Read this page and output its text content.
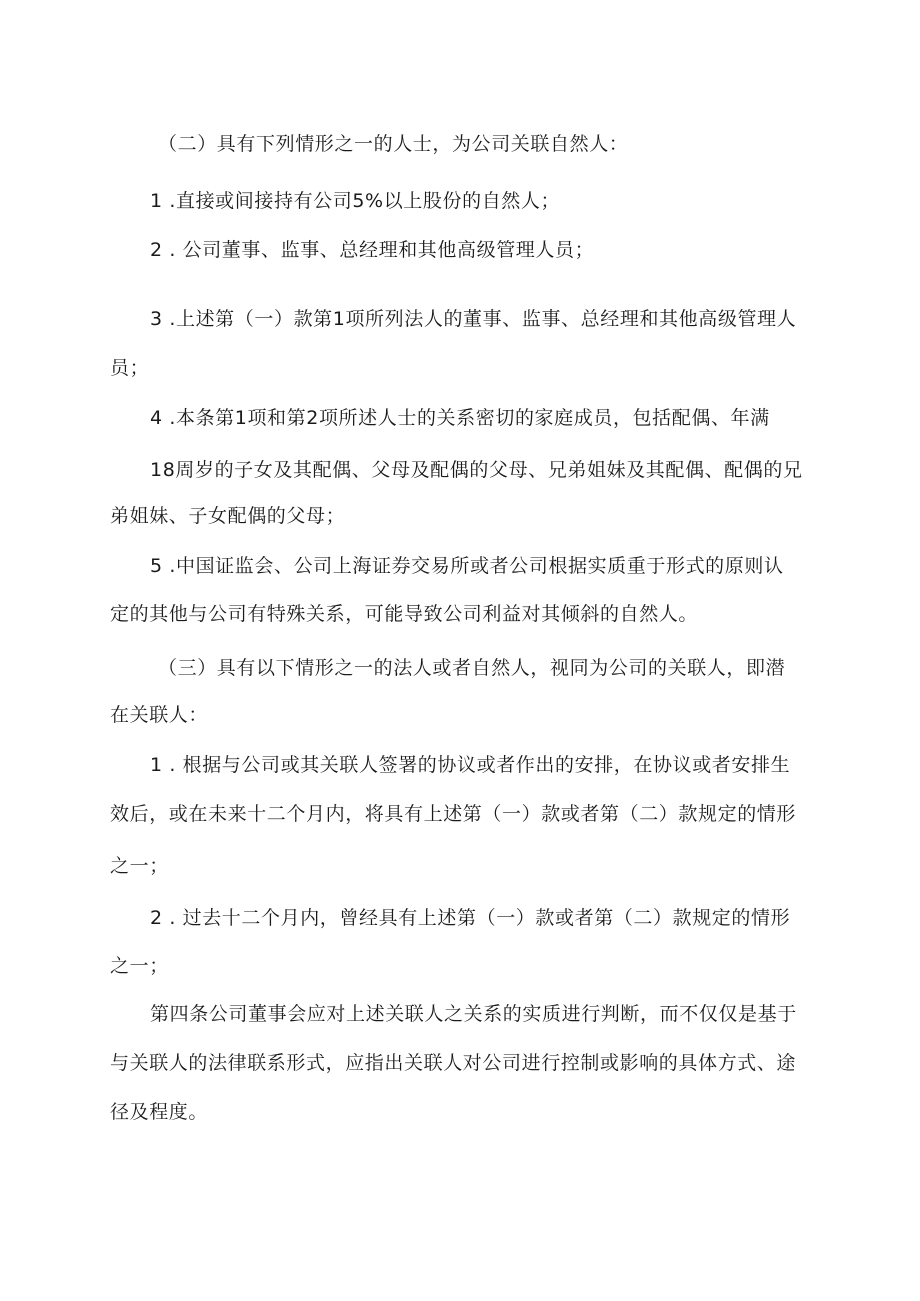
（二）具有下列情形之一的人士，为公司关联自然人：
1 .直接或间接持有公司5%以上股份的自然人；
2 . 公司董事、监事、总经理和其他高级管理人员；
3 .上述第（一）款第1项所列法人的董事、监事、总经理和其他高级管理人
员；
4 .本条第1项和第2项所述人士的关系密切的家庭成员，包括配偶、年满
18周岁的子女及其配偶、父母及配偶的父母、兄弟姐妹及其配偶、配偶的兄
弟姐妹、子女配偶的父母；
5 .中国证监会、公司上海证券交易所或者公司根据实质重于形式的原则认
定的其他与公司有特殊关系，可能导致公司利益对其倾斜的自然人。
（三）具有以下情形之一的法人或者自然人，视同为公司的关联人，即潜
在关联人：
1 . 根据与公司或其关联人签署的协议或者作出的安排，在协议或者安排生
效后，或在未来十二个月内，将具有上述第（一）款或者第（二）款规定的情形
之一；
2 . 过去十二个月内，曾经具有上述第（一）款或者第（二）款规定的情形
之一；
第四条公司董事会应对上述关联人之关系的实质进行判断，而不仅仅是基于
与关联人的法律联系形式，应指出关联人对公司进行控制或影响的具体方式、途
径及程度。
